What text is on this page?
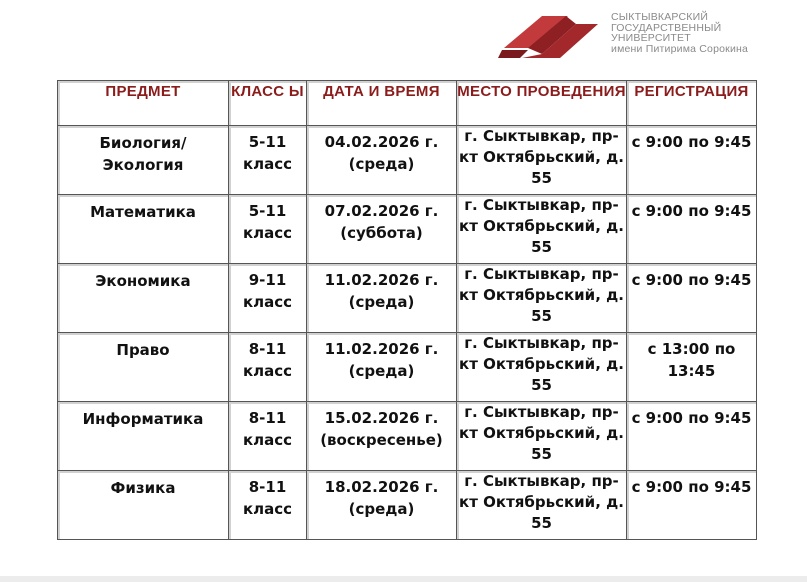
СЫКТЫВКАРСКИЙ
ГОСУДАРСТВЕННЫЙ
УНИВЕРСИТЕТ
имени Питирима Сорокина
ПРЕДМЕТ	КЛАСС Ы	ДАТА И ВРЕМЯ	МЕСТО ПРОВЕДЕНИЯ	РЕГИСТРАЦИЯ
Биология/ Экология	5-11 класс	04.02.2026 г. (среда)	г. Сыктывкар, пр-кт Октябрьский, д. 55	с 9:00 по 9:45
Математика	5-11 класс	07.02.2026 г. (суббота)	г. Сыктывкар, пр-кт Октябрьский, д. 55	с 9:00 по 9:45
Экономика	9-11 класс	11.02.2026 г. (среда)	г. Сыктывкар, пр-кт Октябрьский, д. 55	с 9:00 по 9:45
Право	8-11 класс	11.02.2026 г. (среда)	г. Сыктывкар, пр-кт Октябрьский, д. 55	с 13:00 по 13:45
Информатика	8-11 класс	15.02.2026 г. (воскресенье)	г. Сыктывкар, пр-кт Октябрьский, д. 55	с 9:00 по 9:45
Физика	8-11 класс	18.02.2026 г. (среда)	г. Сыктывкар, пр-кт Октябрьский, д. 55	с 9:00 по 9:45
